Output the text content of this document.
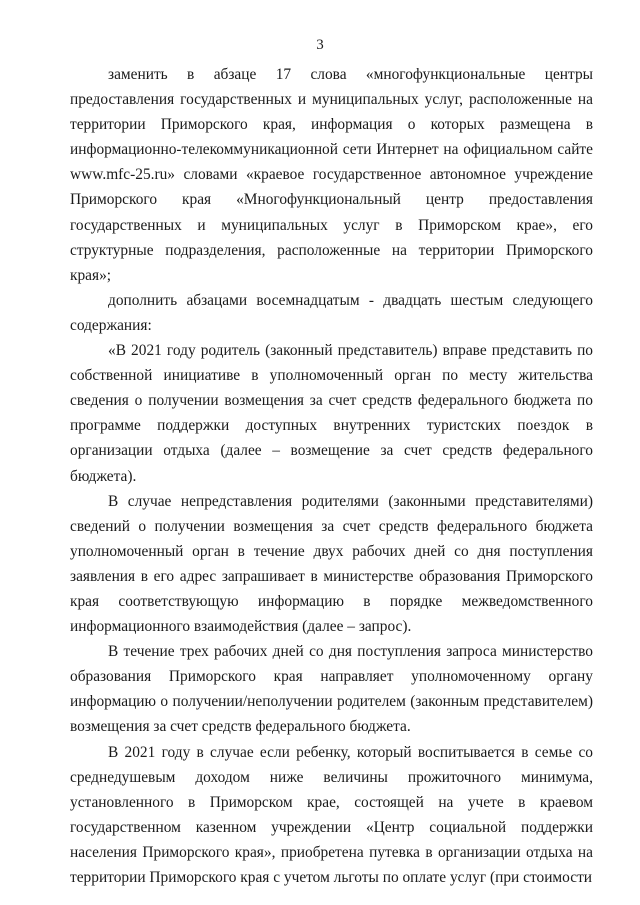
3

заменить в абзаце 17 слова «многофункциональные центры предоставления государственных и муниципальных услуг, расположенные на территории Приморского края, информация о которых размещена в информационно-телекоммуникационной сети Интернет на официальном сайте www.mfc-25.ru» словами «краевое государственное автономное учреждение Приморского края «Многофункциональный центр предоставления государственных и муниципальных услуг в Приморском крае», его структурные подразделения, расположенные на территории Приморского края»;

дополнить абзацами восемнадцатым - двадцать шестым следующего содержания:

«В 2021 году родитель (законный представитель) вправе представить по собственной инициативе в уполномоченный орган по месту жительства сведения о получении возмещения за счет средств федерального бюджета по программе поддержки доступных внутренних туристских поездок в организации отдыха (далее – возмещение за счет средств федерального бюджета).

В случае непредставления родителями (законными представителями) сведений о получении возмещения за счет средств федерального бюджета уполномоченный орган в течение двух рабочих дней со дня поступления заявления в его адрес запрашивает в министерстве образования Приморского края соответствующую информацию в порядке межведомственного информационного взаимодействия (далее – запрос).

В течение трех рабочих дней со дня поступления запроса министерство образования Приморского края направляет уполномоченному органу информацию о получении/неполучении родителем (законным представителем) возмещения за счет средств федерального бюджета.

В 2021 году в случае если ребенку, который воспитывается в семье со среднедушевым доходом ниже величины прожиточного минимума, установленного в Приморском крае, состоящей на учете в краевом государственном казенном учреждении «Центр социальной поддержки населения Приморского края», приобретена путевка в организации отдыха на территории Приморского края с учетом льготы по оплате услуг (при стоимости
